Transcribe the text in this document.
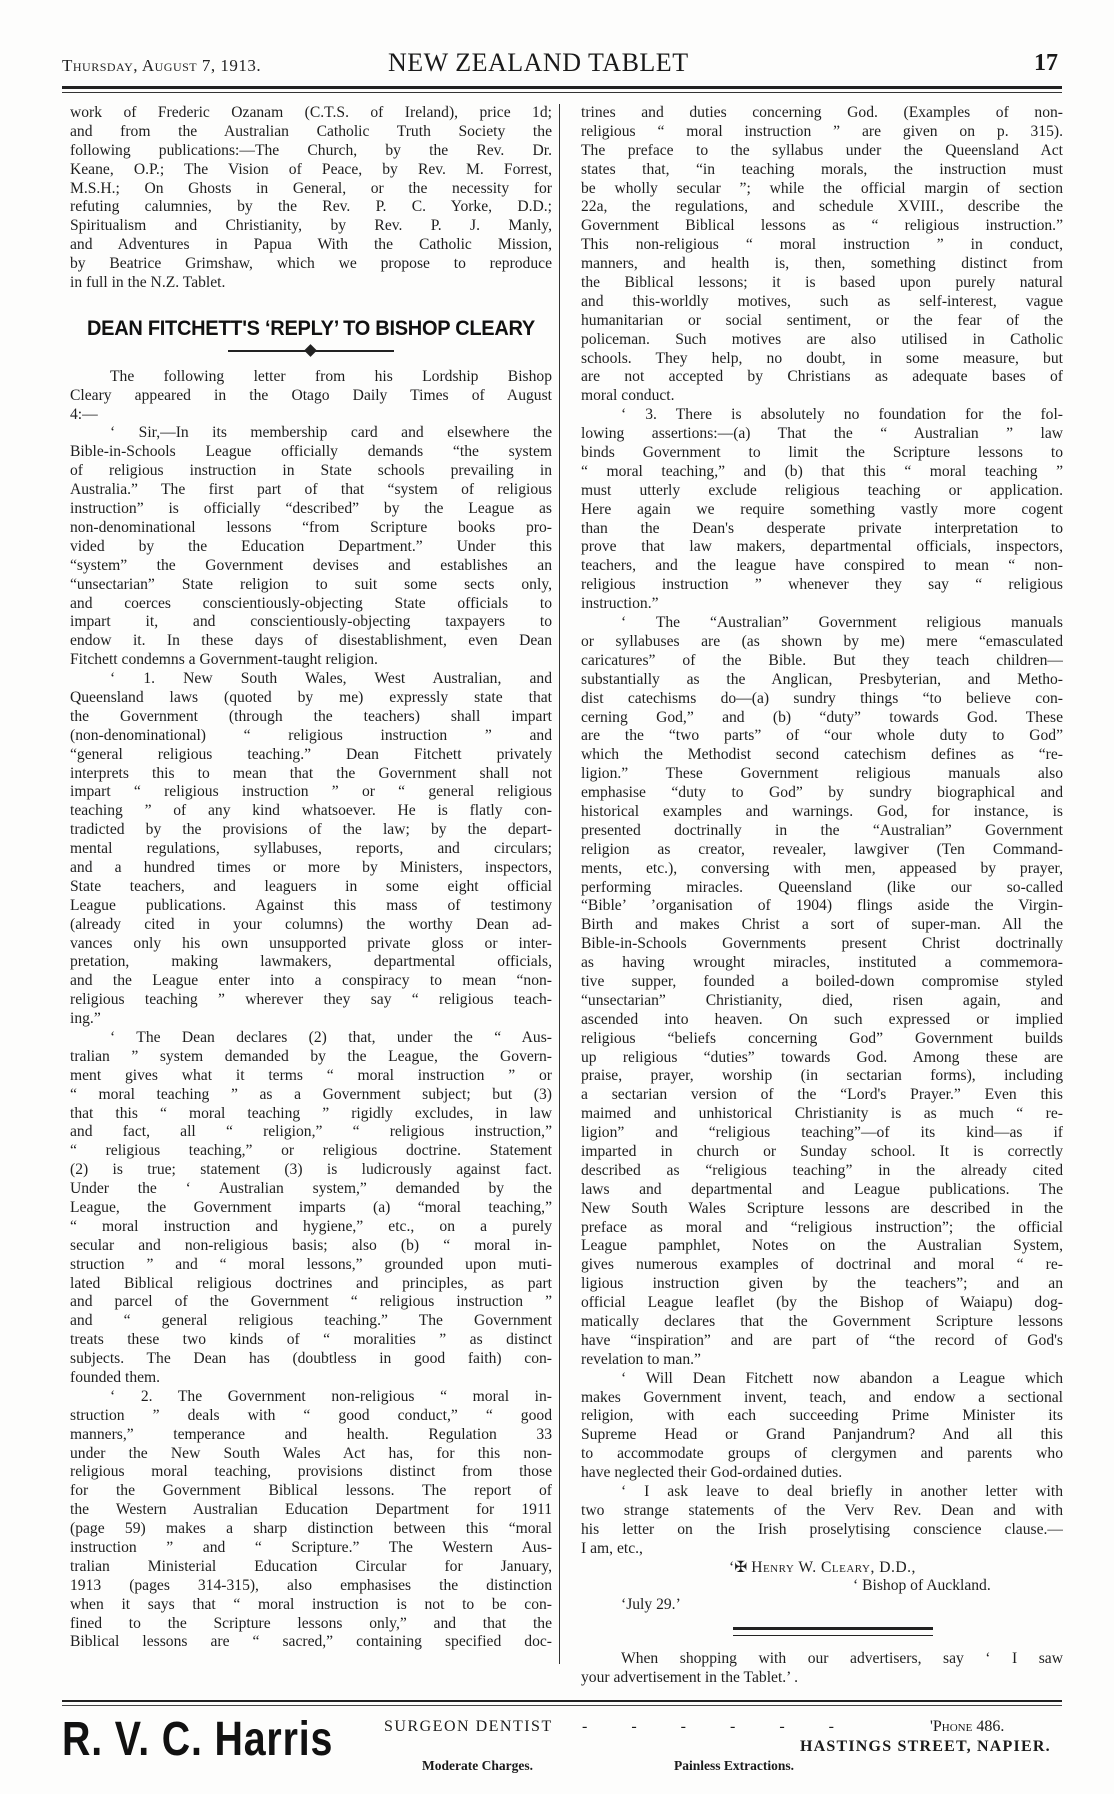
Thursday, August 7, 1913.	NEW ZEALAND TABLET	17
work of Frederic Ozanam (C.T.S. of Ireland), price 1d;
and from the Australian Catholic Truth Society the
following publications:—The Church, by the Rev. Dr.
Keane, O.P.; The Vision of Peace, by Rev. M. Forrest,
M.S.H.; On Ghosts in General, or the necessity for
refuting calumnies, by the Rev. P. C. Yorke, D.D.;
Spiritualism and Christianity, by Rev. P. J. Manly,
and Adventures in Papua With the Catholic Mission,
by Beatrice Grimshaw, which we propose to reproduce
in full in the N.Z. Tablet.
DEAN FITCHETT'S ‘REPLY’ TO BISHOP CLEARY
The following letter from his Lordship Bishop
Cleary appeared in the Otago Daily Times of August
4:—
‘ Sir,—In its membership card and elsewhere the
Bible-in-Schools League officially demands “the system
of religious instruction in State schools prevailing in
Australia.” The first part of that “system of religious
instruction” is officially “described” by the League as
non-denominational lessons “from Scripture books pro-
vided by the Education Department.” Under this
“system” the Government devises and establishes an
“unsectarian” State religion to suit some sects only,
and coerces conscientiously-objecting State officials to
impart it, and conscientiously-objecting taxpayers to
endow it. In these days of disestablishment, even Dean
Fitchett condemns a Government-taught religion.
‘ 1. New South Wales, West Australian, and
Queensland laws (quoted by me) expressly state that
the Government (through the teachers) shall impart
(non-denominational) “ religious instruction ” and
“general religious teaching.” Dean Fitchett privately
interprets this to mean that the Government shall not
impart “ religious instruction ” or “ general religious
teaching ” of any kind whatsoever. He is flatly con-
tradicted by the provisions of the law; by the depart-
mental regulations, syllabuses, reports, and circulars;
and a hundred times or more by Ministers, inspectors,
State teachers, and leaguers in some eight official
League publications. Against this mass of testimony
(already cited in your columns) the worthy Dean ad-
vances only his own unsupported private gloss or inter-
pretation, making lawmakers, departmental officials,
and the League enter into a conspiracy to mean “non-
religious teaching ” wherever they say “ religious teach-
ing.”
‘ The Dean declares (2) that, under the “ Aus-
tralian ” system demanded by the League, the Govern-
ment gives what it terms “ moral instruction ” or
“ moral teaching ” as a Government subject; but (3)
that this “ moral teaching ” rigidly excludes, in law
and fact, all “ religion,” “ religious instruction,”
“ religious teaching,” or religious doctrine. Statement
(2) is true; statement (3) is ludicrously against fact.
Under the ‘ Australian system,” demanded by the
League, the Government imparts (a) “moral teaching,”
“ moral instruction and hygiene,” etc., on a purely
secular and non-religious basis; also (b) “ moral in-
struction ” and “ moral lessons,” grounded upon muti-
lated Biblical religious doctrines and principles, as part
and parcel of the Government “ religious instruction ”
and “ general religious teaching.” The Government
treats these two kinds of “ moralities ” as distinct
subjects. The Dean has (doubtless in good faith) con-
founded them.
‘ 2. The Government non-religious “ moral in-
struction ” deals with “ good conduct,” “ good
manners,” temperance and health. Regulation 33
under the New South Wales Act has, for this non-
religious moral teaching, provisions distinct from those
for the Government Biblical lessons. The report of
the Western Australian Education Department for 1911
(page 59) makes a sharp distinction between this “moral
instruction ” and “ Scripture.” The Western Aus-
tralian Ministerial Education Circular for January,
1913 (pages 314-315), also emphasises the distinction
when it says that “ moral instruction is not to be con-
fined to the Scripture lessons only,” and that the
Biblical lessons are “ sacred,” containing specified doc-
trines and duties concerning God. (Examples of non-
religious “ moral instruction ” are given on p. 315).
The preface to the syllabus under the Queensland Act
states that, “in teaching morals, the instruction must
be wholly secular ”; while the official margin of section
22a, the regulations, and schedule XVIII., describe the
Government Biblical lessons as “ religious instruction.”
This non-religious “ moral instruction ” in conduct,
manners, and health is, then, something distinct from
the Biblical lessons; it is based upon purely natural
and this-worldly motives, such as self-interest, vague
humanitarian or social sentiment, or the fear of the
policeman. Such motives are also utilised in Catholic
schools. They help, no doubt, in some measure, but
are not accepted by Christians as adequate bases of
moral conduct.
‘ 3. There is absolutely no foundation for the fol-
lowing assertions:—(a) That the “ Australian ” law
binds Government to limit the Scripture lessons to
“ moral teaching,” and (b) that this “ moral teaching ”
must utterly exclude religious teaching or application.
Here again we require something vastly more cogent
than the Dean's desperate private interpretation to
prove that law makers, departmental officials, inspectors,
teachers, and the league have conspired to mean “ non-
religious instruction ” whenever they say “ religious
instruction.”
‘ The “Australian” Government religious manuals
or syllabuses are (as shown by me) mere “emasculated
caricatures” of the Bible. But they teach children—
substantially as the Anglican, Presbyterian, and Metho-
dist catechisms do—(a) sundry things “to believe con-
cerning God,” and (b) “duty” towards God. These
are the “two parts” of “our whole duty to God”
which the Methodist second catechism defines as “re-
ligion.” These Government religious manuals also
emphasise “duty to God” by sundry biographical and
historical examples and warnings. God, for instance, is
presented doctrinally in the “Australian” Government
religion as creator, revealer, lawgiver (Ten Command-
ments, etc.), conversing with men, appeased by prayer,
performing miracles. Queensland (like our so-called
“Bible’ ’organisation of 1904) flings aside the Virgin-
Birth and makes Christ a sort of super-man. All the
Bible-in-Schools Governments present Christ doctrinally
as having wrought miracles, instituted a commemora-
tive supper, founded a boiled-down compromise styled
“unsectarian” Christianity, died, risen again, and
ascended into heaven. On such expressed or implied
religious “beliefs concerning God” Government builds
up religious “duties” towards God. Among these are
praise, prayer, worship (in sectarian forms), including
a sectarian version of the “Lord's Prayer.” Even this
maimed and unhistorical Christianity is as much “ re-
ligion” and “religious teaching”—of its kind—as if
imparted in church or Sunday school. It is correctly
described as “religious teaching” in the already cited
laws and departmental and League publications. The
New South Wales Scripture lessons are described in the
preface as moral and “religious instruction”; the official
League pamphlet, Notes on the Australian System,
gives numerous examples of doctrinal and moral “ re-
ligious instruction given by the teachers”; and an
official League leaflet (by the Bishop of Waiapu) dog-
matically declares that the Government Scripture lessons
have “inspiration” and are part of “the record of God's
revelation to man.”
‘ Will Dean Fitchett now abandon a League which
makes Government invent, teach, and endow a sectional
religion, with each succeeding Prime Minister its
Supreme Head or Grand Panjandrum? And all this
to accommodate groups of clergymen and parents who
have neglected their God-ordained duties.
‘ I ask leave to deal briefly in another letter with
two strange statements of the Verv Rev. Dean and with
his letter on the Irish proselytising conscience clause.—
I am, etc.,
‘✠ Henry W. Cleary, D.D.,
‘ Bishop of Auckland.
‘July 29.’
When shopping with our advertisers, say ‘ I saw
your advertisement in the Tablet.’ .
R. V. C. Harris	SURGEON DENTIST - - - - - -	'Phone 486.
HASTINGS STREET, NAPIER.
Moderate Charges.	Painless Extractions.
